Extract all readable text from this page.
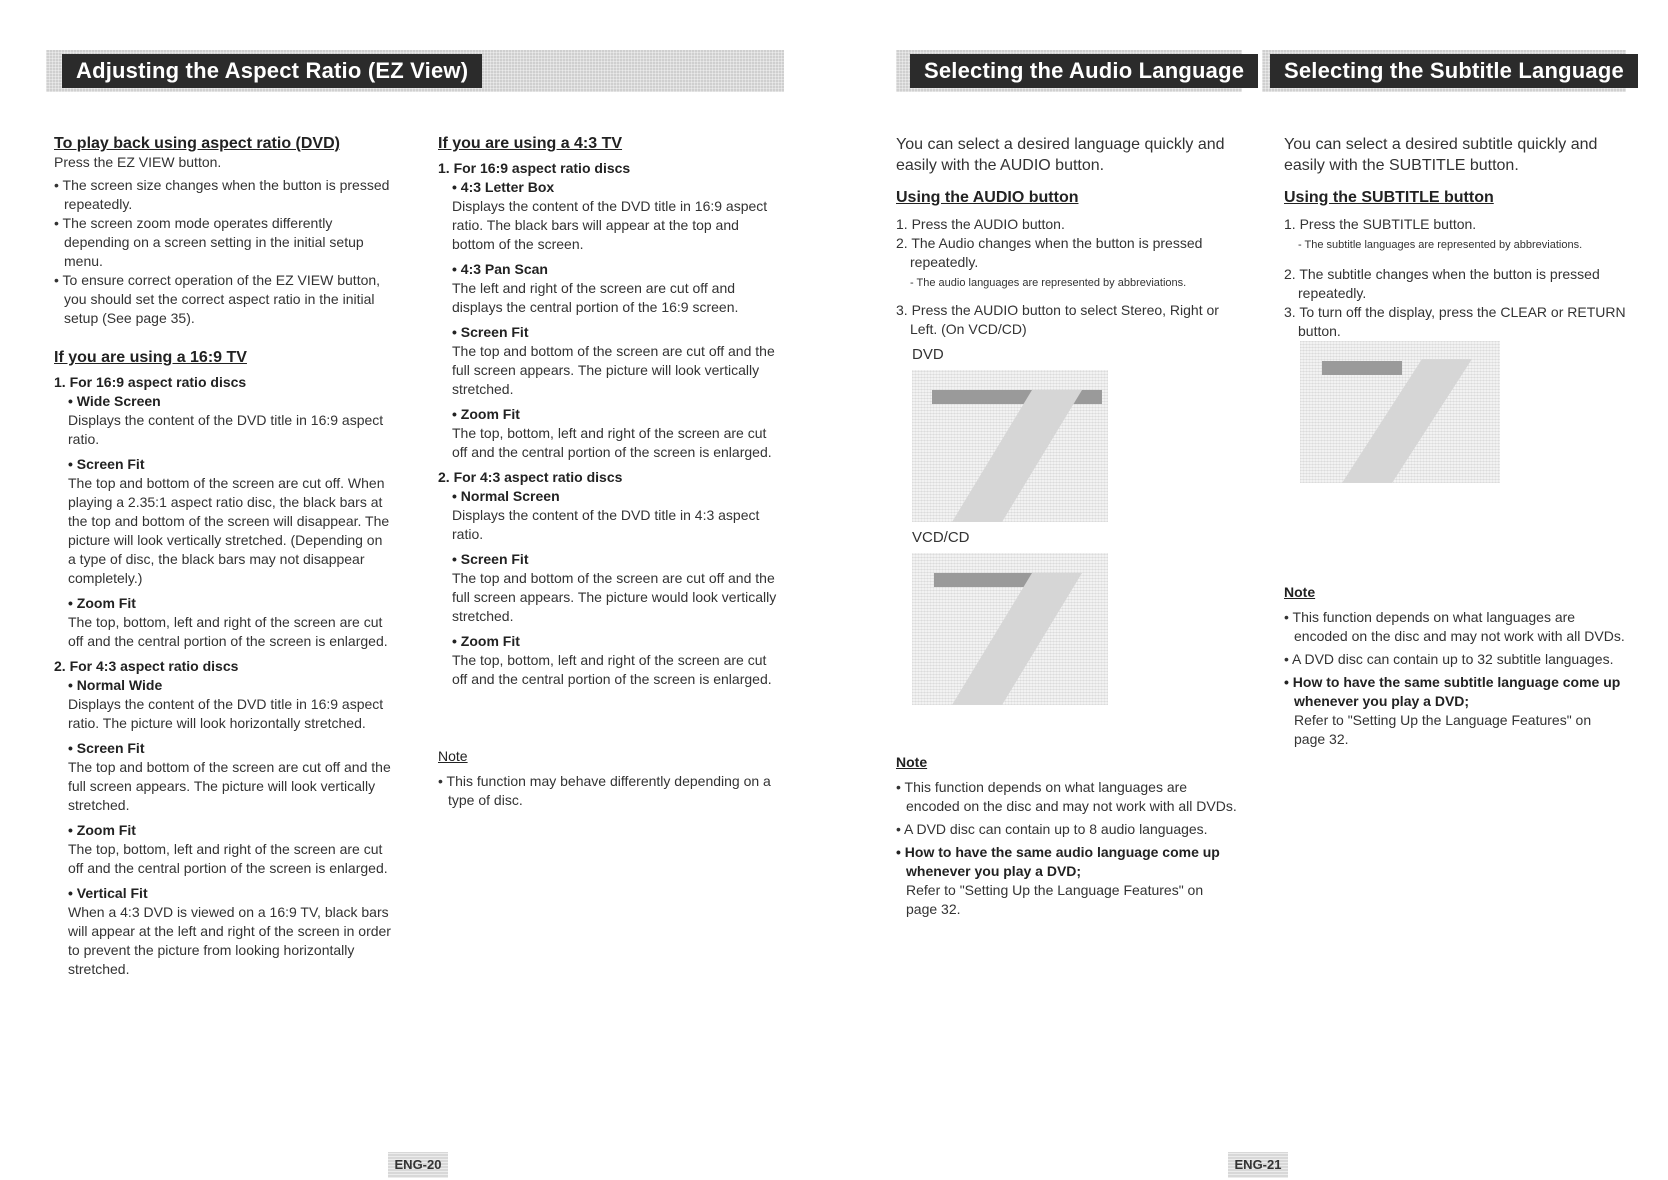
Adjusting the Aspect Ratio (EZ View)	Selecting the Audio Language	Selecting the Subtitle Language

To play back using aspect ratio (DVD)

Press the EZ VIEW button.

• The screen size changes when the button is pressed repeatedly.

• The screen zoom mode operates differently depending on a screen setting in the initial setup menu.

• To ensure correct operation of the EZ VIEW button, you should set the correct aspect ratio in the initial setup (See page 35).

If you are using a 16:9 TV

1. For 16:9 aspect ratio discs

• Wide Screen

Displays the content of the DVD title in 16:9 aspect ratio.

• Screen Fit

The top and bottom of the screen are cut off. When playing a 2.35:1 aspect ratio disc, the black bars at the top and bottom of the screen will disappear. The picture will look vertically stretched. (Depending on a type of disc, the black bars may not disappear completely.)

• Zoom Fit

The top, bottom, left and right of the screen are cut off and the central portion of the screen is enlarged.

2. For 4:3 aspect ratio discs

• Normal Wide

Displays the content of the DVD title in 16:9 aspect ratio. The picture will look horizontally stretched.

• Screen Fit

The top and bottom of the screen are cut off and the full screen appears. The picture will look vertically stretched.

• Zoom Fit

The top, bottom, left and right of the screen are cut off and the central portion of the screen is enlarged.

• Vertical Fit

When a 4:3 DVD is viewed on a 16:9 TV, black bars will appear at the left and right of the screen in order to prevent the picture from looking horizontally stretched.

If you are using a 4:3 TV

1. For 16:9 aspect ratio discs

• 4:3 Letter Box

Displays the content of the DVD title in 16:9 aspect ratio. The black bars will appear at the top and bottom of the screen.

• 4:3 Pan Scan

The left and right of the screen are cut off and displays the central portion of the 16:9 screen.

• Screen Fit

The top and bottom of the screen are cut off and the full screen appears. The picture will look vertically stretched.

• Zoom Fit

The top, bottom, left and right of the screen are cut off and the central portion of the screen is enlarged.

2. For 4:3 aspect ratio discs

• Normal Screen

Displays the content of the DVD title in 4:3 aspect ratio.

• Screen Fit

The top and bottom of the screen are cut off and the full screen appears. The picture would look vertically stretched.

• Zoom Fit

The top, bottom, left and right of the screen are cut off and the central portion of the screen is enlarged.

Note

• This function may behave differently depending on a type of disc.

You can select a desired language quickly and easily with the AUDIO button.

Using the AUDIO button

1. Press the AUDIO button.

2. The Audio changes when the button is pressed repeatedly.
- The audio languages are represented by abbreviations.

3. Press the AUDIO button to select Stereo, Right or Left. (On VCD/CD)

DVD

VCD/CD

Note

• This function depends on what languages are encoded on the disc and may not work with all DVDs.

• A DVD disc can contain up to 8 audio languages.

• How to have the same audio language come up whenever you play a DVD;

Refer to "Setting Up the Language Features" on page 32.

You can select a desired subtitle quickly and easily with the SUBTITLE button.

Using the SUBTITLE button

1. Press the SUBTITLE button.
- The subtitle languages are represented by abbreviations.

2. The subtitle changes when the button is pressed repeatedly.

3. To turn off the display, press the CLEAR or RETURN button.

Note

• This function depends on what languages are encoded on the disc and may not work with all DVDs.

• A DVD disc can contain up to 32 subtitle languages.

• How to have the same subtitle language come up whenever you play a DVD;

Refer to "Setting Up the Language Features" on page 32.

ENG-20	ENG-21
